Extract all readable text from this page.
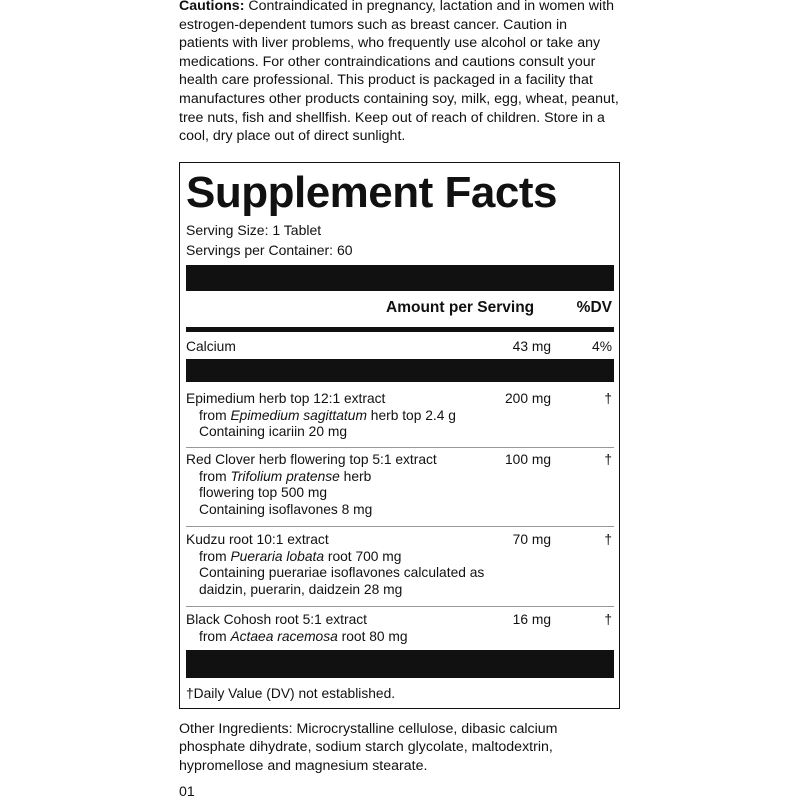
Cautions: Contraindicated in pregnancy, lactation and in women with estrogen-dependent tumors such as breast cancer. Caution in patients with liver problems, who frequently use alcohol or take any medications. For other contraindications and cautions consult your health care professional. This product is packaged in a facility that manufactures other products containing soy, milk, egg, wheat, peanut, tree nuts, fish and shellfish. Keep out of reach of children. Store in a cool, dry place out of direct sunlight.
Supplement Facts
Serving Size: 1 Tablet
Servings per Container: 60
Amount per Serving	%DV
Calcium	43 mg	4%
Epimedium herb top 12:1 extract
from Epimedium sagittatum herb top 2.4 g
Containing icariin 20 mg
200 mg	†
Red Clover herb flowering top 5:1 extract
from Trifolium pratense herb
flowering top 500 mg
Containing isoflavones 8 mg
100 mg	†
Kudzu root 10:1 extract
from Pueraria lobata root 700 mg
Containing puerariae isoflavones calculated as
daidzin, puerarin, daidzein 28 mg
70 mg	†
Black Cohosh root 5:1 extract
from Actaea racemosa root 80 mg
16 mg	†
†Daily Value (DV) not established.
Other Ingredients: Microcrystalline cellulose, dibasic calcium phosphate dihydrate, sodium starch glycolate, maltodextrin, hypromellose and magnesium stearate.
01
